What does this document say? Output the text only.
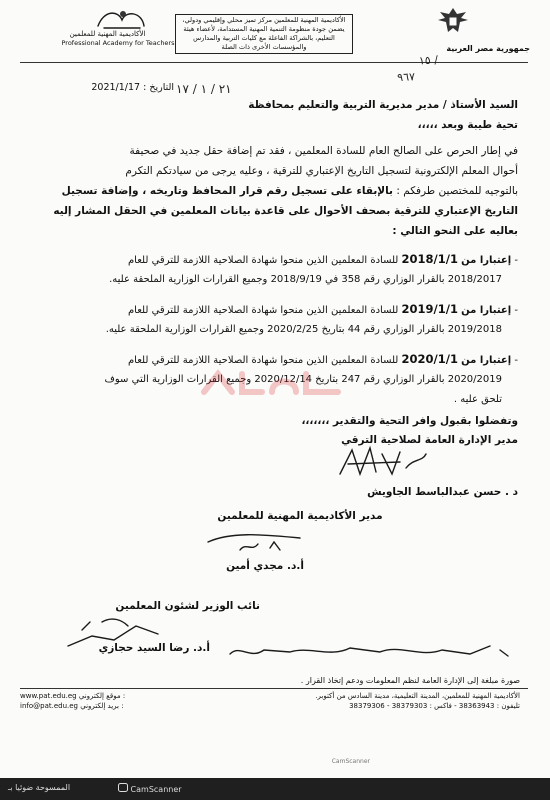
جمهورية مصر العربية
الأكاديمية المهنية للمعلمين مركز تميز محلي وإقليمي ودولي، يضمن جودة منظومة التنمية المهنية المستدامة، لأعضاء هيئة التعليم، بالشراكة الفاعلة مع كليات التربية والمدارس والمؤسسات الأخرى ذات الصلة
الأكاديمية المهنية للمعلمين
Professional Academy for Teachers
١٥ /
٩٦٧
التاريخ : 2021/1/17 ٢١ / ١ / ١٧
السيد الأستاذ / مدير مديرية التربية والتعليم بمحافظة
تحية طيبة وبعد ،،،،،
في إطار الحرص على الصالح العام للسادة المعلمين ، فقد تم إضافة حقل جديد في صحيفة
أحوال المعلم الإلكترونية لتسجيل التاريخ الإعتباري للترقية ، وعليه يرجى من سيادتكم التكرم
بالتوجيه للمختصين طرفكم : بالإبقاء على تسجيل رقم قرار المحافظ وتاريخه ، وإضافة تسجيل
التاريخ الإعتباري للترقية بصحف الأحوال على قاعدة بيانات المعلمين في الحقل المشار إليه
بعاليه على النحو التالي :
- إعتبارا من 2018/1/1 للسادة المعلمين الذين منحوا شهادة الصلاحية اللازمة للترقي للعام
2018/2017 بالقرار الوزاري رقم 358 في 2018/9/19 وجميع القرارات الوزارية الملحقة عليه.
- إعتبارا من 2019/1/1 للسادة المعلمين الذين منحوا شهادة الصلاحية اللازمة للترقي للعام
2019/2018 بالقرار الوزاري رقم 44 بتاريخ 2020/2/25 وجميع القرارات الوزارية الملحقة عليه.
- إعتبارا من 2020/1/1 للسادة المعلمين الذين منحوا شهادة الصلاحية اللازمة للترقي للعام
2020/2019 بالقرار الوزاري رقم 247 بتاريخ 2020/12/14 وجميع القرارات الوزارية التي سوف
تلحق عليه .
وتفضلوا بقبول وافر التحية والتقدير ،،،،،،،
مدير الإدارة العامة لصلاحية الترقي
د . حسن عبدالباسط الجاويش
مدير الأكاديمية المهنية للمعلمين
أ.د. مجدي أمين
نائب الوزير لشئون المعلمين
أ.د. رضا السيد حجازي
صورة مبلغة إلى الإدارة العامة لنظم المعلومات ودعم إتخاذ القرار .
الأكاديمية المهنية للمعلمين، المدينة التعليمية، مدينة السادس من أكتوبر.
تليفون : 38363943 - فاكس : 38379303 - 38379306
www.pat.edu.eg موقع إلكتروني :
info@pat.edu.eg بريد إلكتروني :
CamScanner
الممسوحة ضوئيا بـ	CamScanner
